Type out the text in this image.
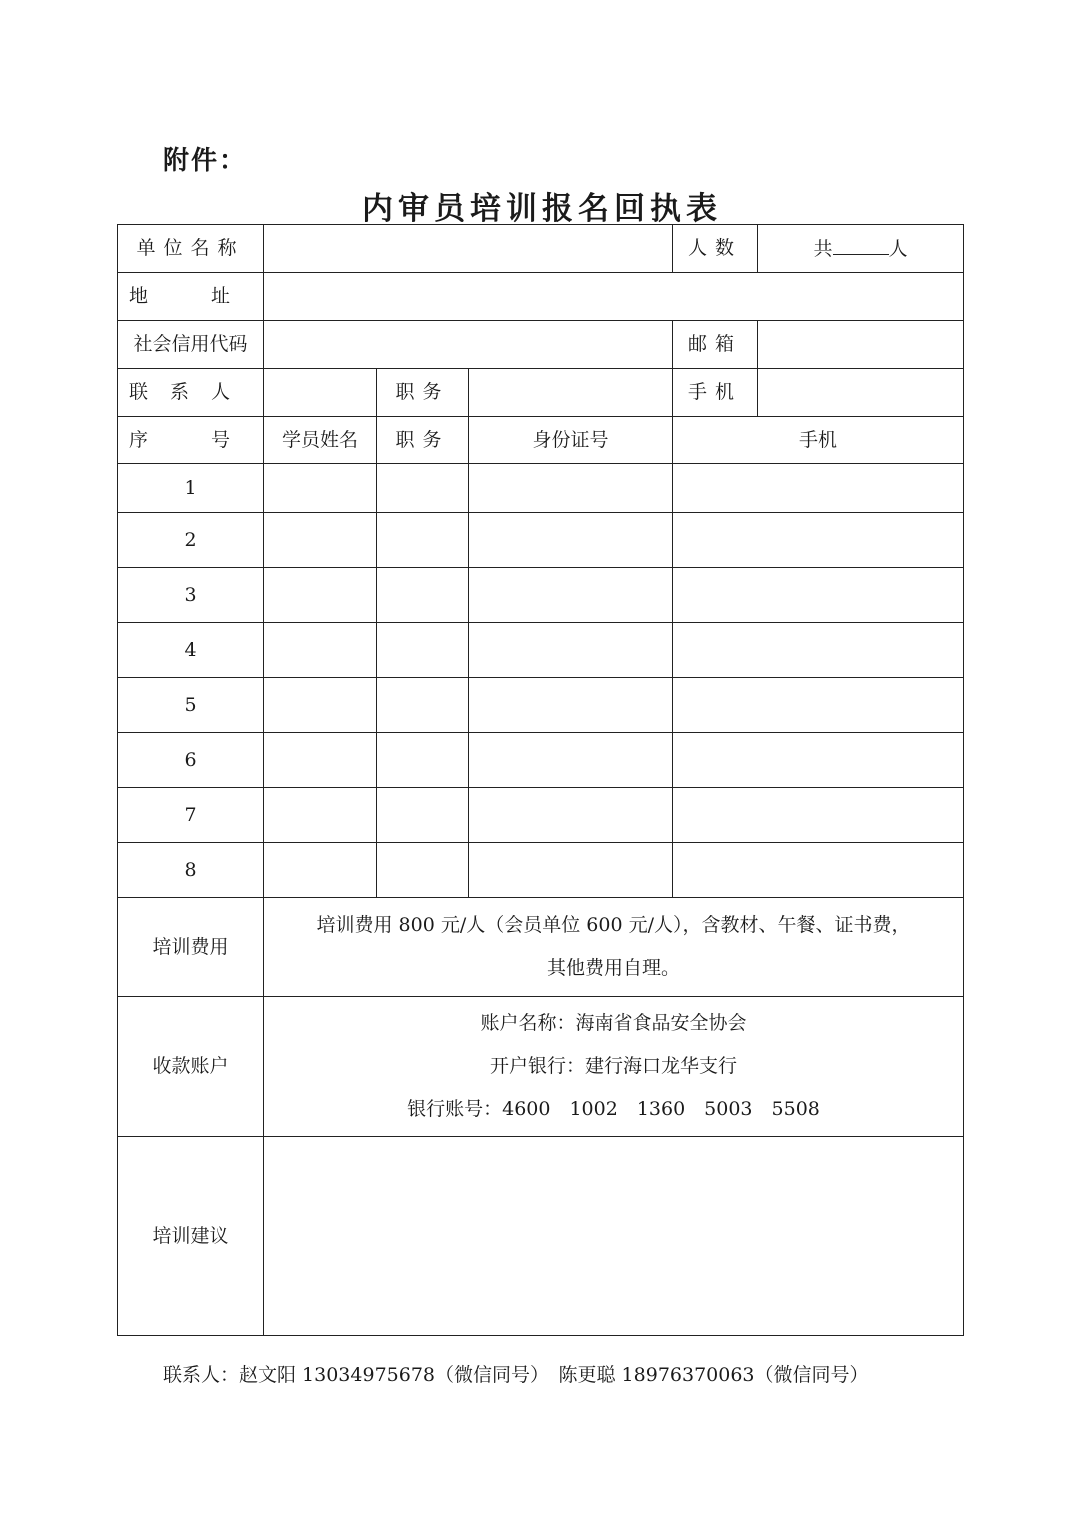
附件：
内审员培训报名回执表
单位名称				人数	共 人
地　址					
社会信用代码				邮箱	
联系人		职务		手机	
序　号	学员姓名	职务	身份证号	手机	
1					
2					
3					
4					
5					
6					
7					
8					
培训费用	培训费用 800 元/人（会员单位 600 元/人），含教材、午餐、证书费，
其他费用自理。				

收款账户	账户名称：海南省食品安全协会
开户银行：建行海口龙华支行
银行账号：4600　1002　1360　5003　5508				

培训建议					
联系人：赵文阳 13034975678（微信同号）　陈更聪 18976370063（微信同号）
